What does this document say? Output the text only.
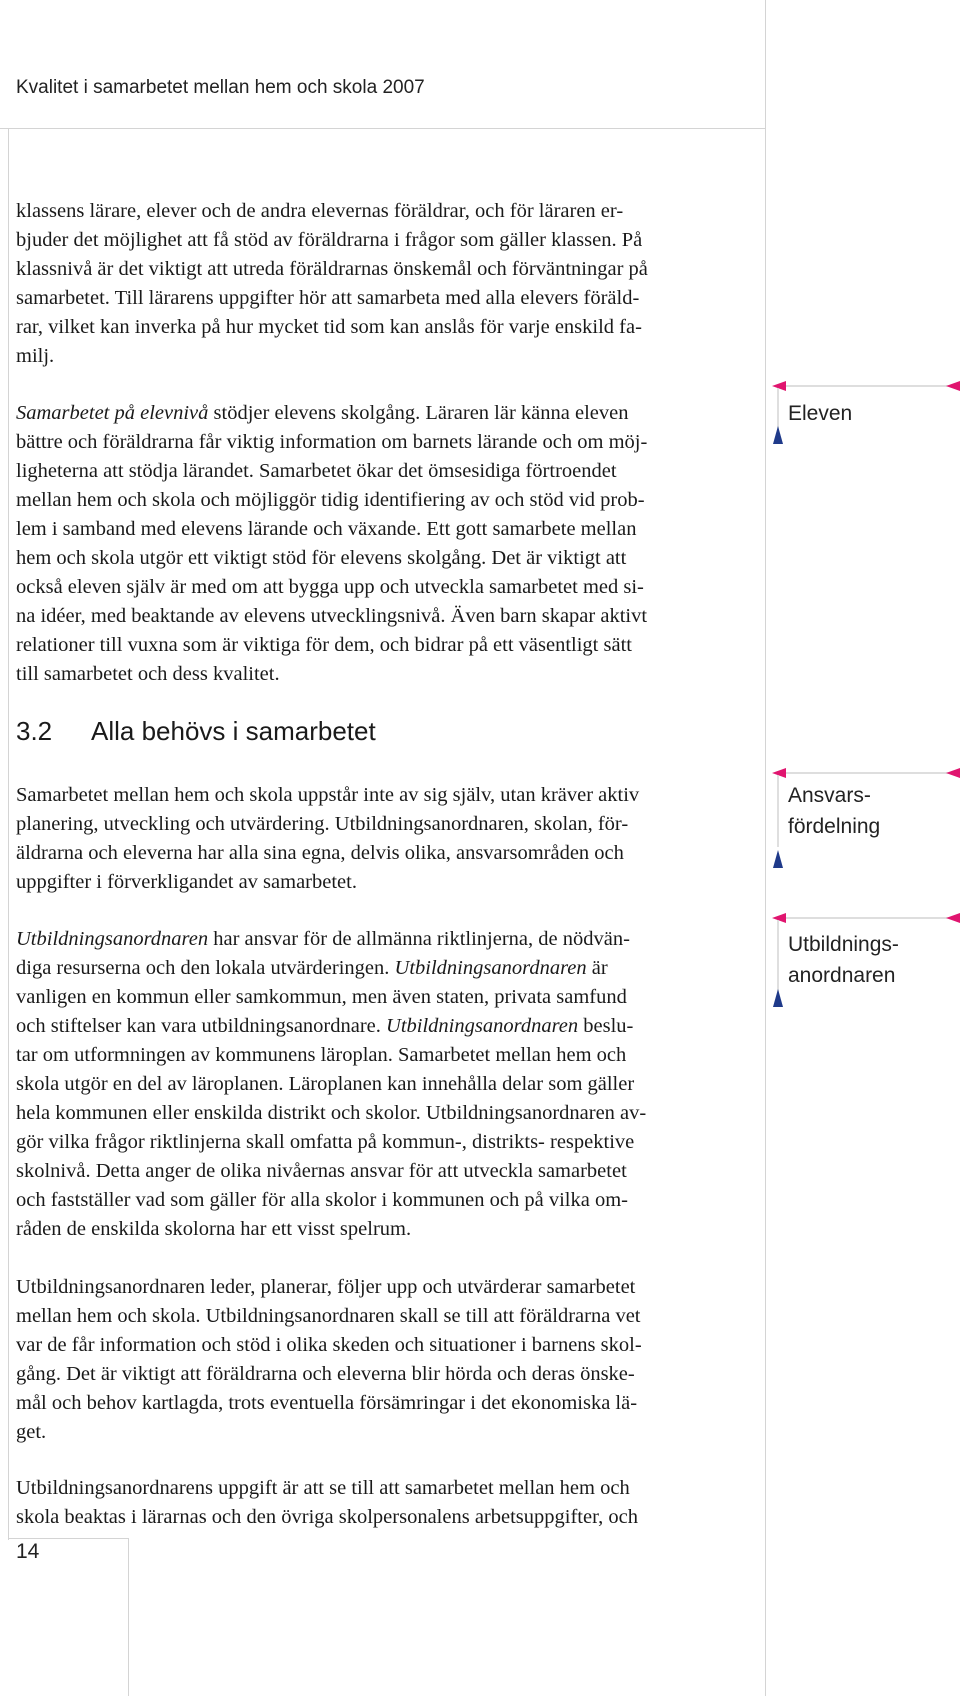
Kvalitet i samarbetet mellan hem och skola 2007
klassens lärare, elever och de andra elevernas föräldrar, och för läraren er-
bjuder det möjlighet att få stöd av föräldrarna i frågor som gäller klassen. På
klassnivå är det viktigt att utreda föräldrarnas önskemål och förväntningar på
samarbetet. Till lärarens uppgifter hör att samarbeta med alla elevers föräld-
rar, vilket kan inverka på hur mycket tid som kan anslås för varje enskild fa-
milj.
Samarbetet på elevnivå stödjer elevens skolgång. Läraren lär känna eleven
bättre och föräldrarna får viktig information om barnets lärande och om möj-
ligheterna att stödja lärandet. Samarbetet ökar det ömsesidiga förtroendet
mellan hem och skola och möjliggör tidig identifiering av och stöd vid prob-
lem i samband med elevens lärande och växande. Ett gott samarbete mellan
hem och skola utgör ett viktigt stöd för elevens skolgång. Det är viktigt att
också eleven själv är med om att bygga upp och utveckla samarbetet med si-
na idéer, med beaktande av elevens utvecklingsnivå. Även barn skapar aktivt
relationer till vuxna som är viktiga för dem, och bidrar på ett väsentligt sätt
till samarbetet och dess kvalitet.
3.2 Alla behövs i samarbetet
Samarbetet mellan hem och skola uppstår inte av sig själv, utan kräver aktiv
planering, utveckling och utvärdering. Utbildningsanordnaren, skolan, för-
äldrarna och eleverna har alla sina egna, delvis olika, ansvarsområden och
uppgifter i förverkligandet av samarbetet.
Utbildningsanordnaren har ansvar för de allmänna riktlinjerna, de nödvän-
diga resurserna och den lokala utvärderingen. Utbildningsanordnaren är
vanligen en kommun eller samkommun, men även staten, privata samfund
och stiftelser kan vara utbildningsanordnare. Utbildningsanordnaren beslu-
tar om utformningen av kommunens läroplan. Samarbetet mellan hem och
skola utgör en del av läroplanen. Läroplanen kan innehålla delar som gäller
hela kommunen eller enskilda distrikt och skolor. Utbildningsanordnaren av-
gör vilka frågor riktlinjerna skall omfatta på kommun-, distrikts- respektive
skolnivå. Detta anger de olika nivåernas ansvar för att utveckla samarbetet
och fastställer vad som gäller för alla skolor i kommunen och på vilka om-
råden de enskilda skolorna har ett visst spelrum.
Utbildningsanordnaren leder, planerar, följer upp och utvärderar samarbetet
mellan hem och skola. Utbildningsanordnaren skall se till att föräldrarna vet
var de får information och stöd i olika skeden och situationer i barnens skol-
gång. Det är viktigt att föräldrarna och eleverna blir hörda och deras önske-
mål och behov kartlagda, trots eventuella försämringar i det ekonomiska lä-
get.
Utbildningsanordnarens uppgift är att se till att samarbetet mellan hem och
skola beaktas i lärarnas och den övriga skolpersonalens arbetsuppgifter, och
Eleven
Ansvars-
fördelning
Utbildnings-
anordnaren
14
